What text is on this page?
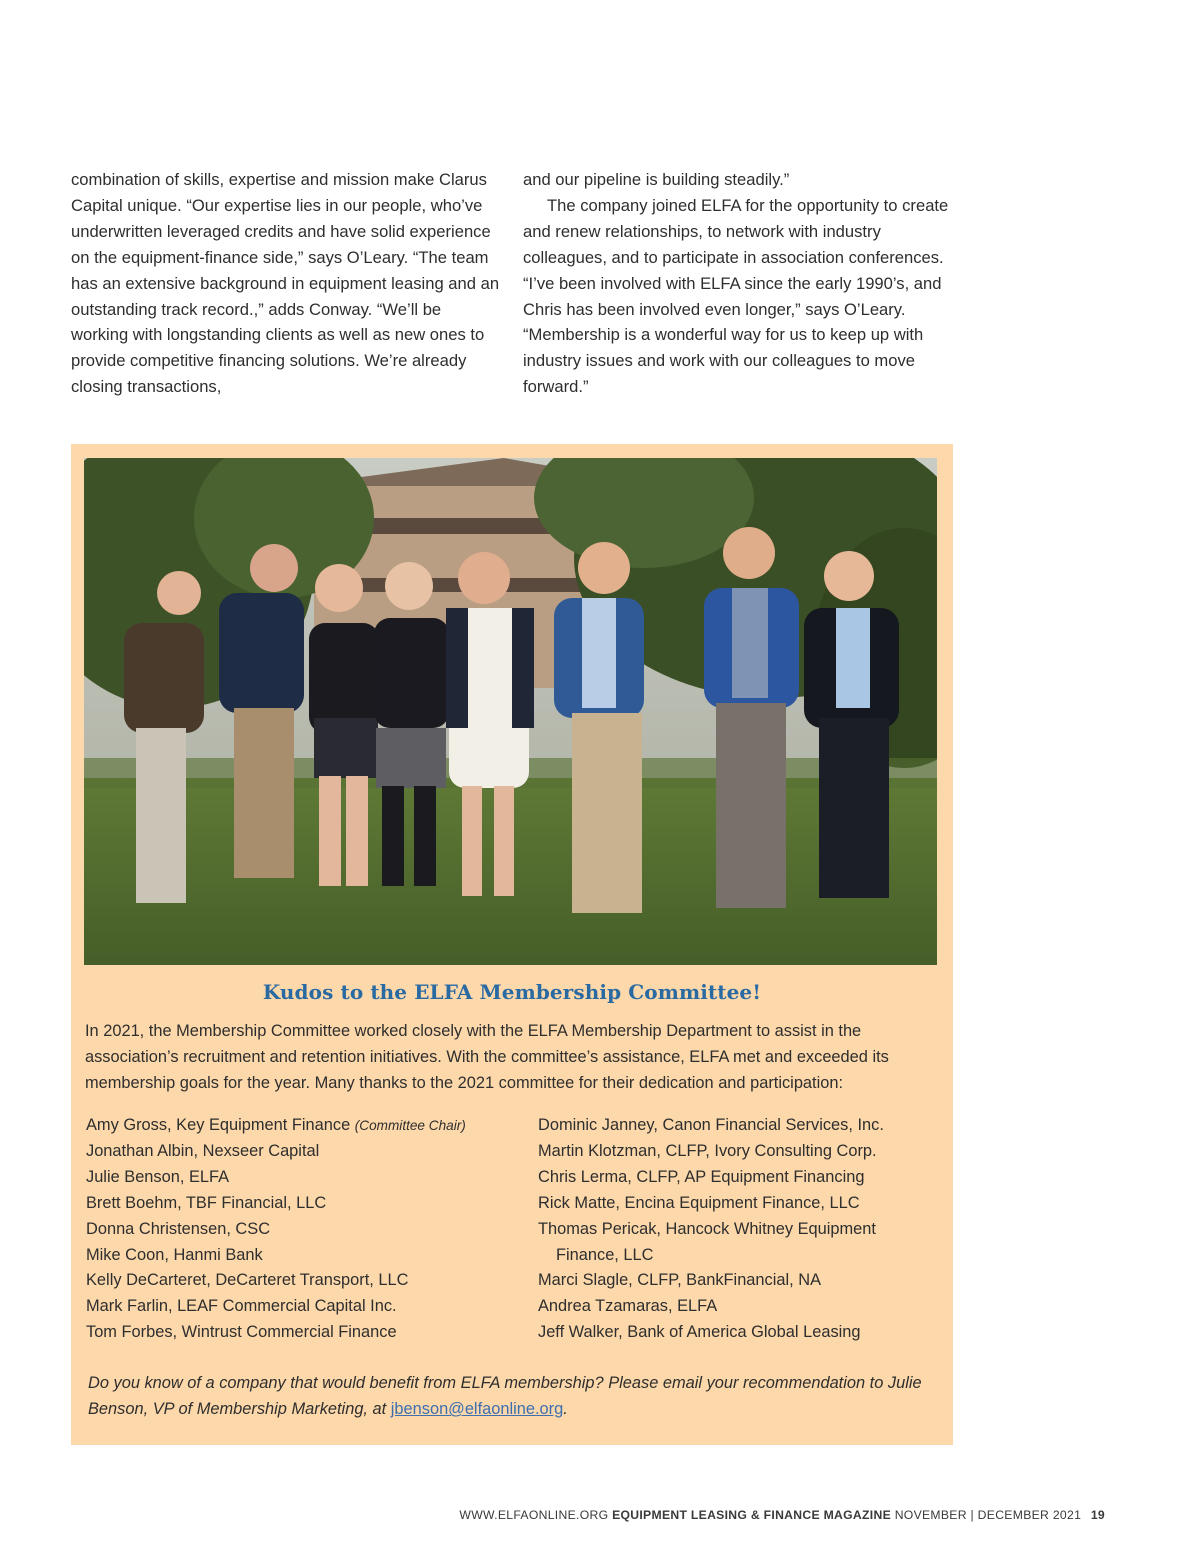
combination of skills, expertise and mission make Clarus Capital unique. “Our expertise lies in our people, who’ve underwritten leveraged credits and have solid experience on the equipment-finance side,” says O’Leary. “The team has an extensive background in equipment leasing and an outstanding track record.,” adds Conway. “We’ll be working with longstanding clients as well as new ones to provide competitive financing solutions. We’re already closing transactions,

and our pipeline is building steadily.”

The company joined ELFA for the opportunity to create and renew relationships, to network with industry colleagues, and to participate in association conferences. “I’ve been involved with ELFA since the early 1990’s, and Chris has been involved even longer,” says O’Leary. “Membership is a wonderful way for us to keep up with industry issues and work with our colleagues to move forward.”

Kudos to the ELFA Membership Committee!
In 2021, the Membership Committee worked closely with the ELFA Membership Department to assist in the association’s recruitment and retention initiatives. With the committee’s assistance, ELFA met and exceeded its membership goals for the year. Many thanks to the 2021 committee for their dedication and participation:
Amy Gross, Key Equipment Finance (Committee Chair)
Jonathan Albin, Nexseer Capital
Julie Benson, ELFA
Brett Boehm, TBF Financial, LLC
Donna Christensen, CSC
Mike Coon, Hanmi Bank
Kelly DeCarteret, DeCarteret Transport, LLC
Mark Farlin, LEAF Commercial Capital Inc.
Tom Forbes, Wintrust Commercial Finance
Dominic Janney, Canon Financial Services, Inc.
Martin Klotzman, CLFP, Ivory Consulting Corp.
Chris Lerma, CLFP, AP Equipment Financing
Rick Matte, Encina Equipment Finance, LLC
Thomas Pericak, Hancock Whitney Equipment Finance, LLC
Marci Slagle, CLFP, BankFinancial, NA
Andrea Tzamaras, ELFA
Jeff Walker, Bank of America Global Leasing
Do you know of a company that would benefit from ELFA membership? Please email your recommendation to Julie Benson, VP of Membership Marketing, at jbenson@elfaonline.org.
WWW.ELFAONLINE.ORG EQUIPMENT LEASING & FINANCE MAGAZINE NOVEMBER | DECEMBER 2021 19
